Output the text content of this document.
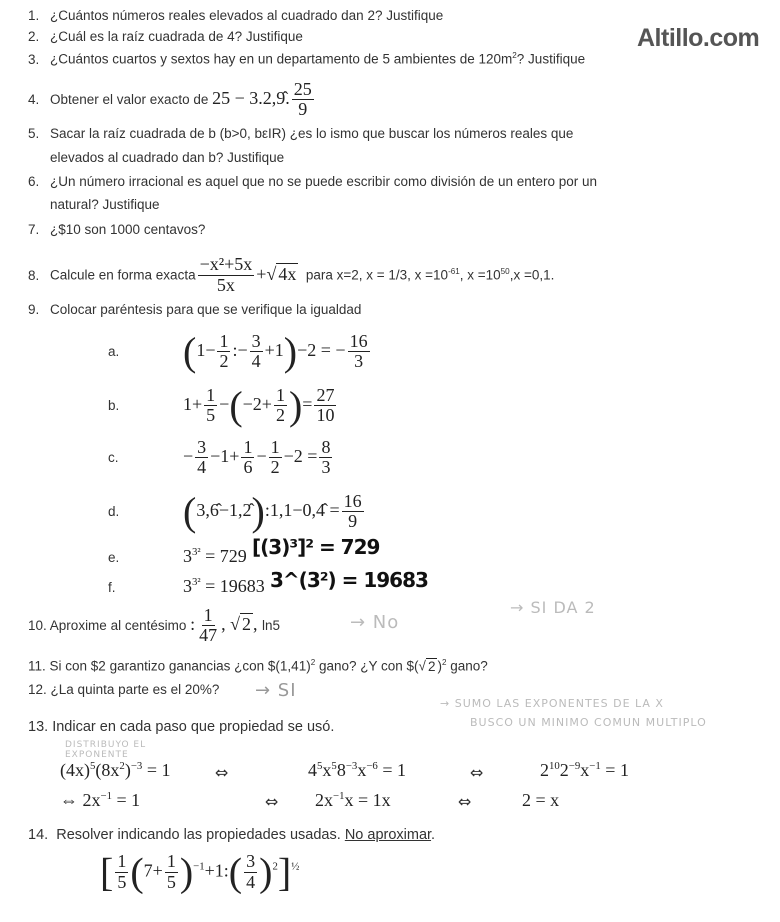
Altillo.com
1. ¿Cuántos números reales elevados al cuadrado dan 2? Justifique
2. ¿Cuál es la raíz cuadrada de 4? Justifique
3. ¿Cuántos cuartos y sextos hay en un departamento de 5 ambientes de $120m^2$? Justifique
4. Obtener el valor exacto de 25 − 3.2,9̂. $\frac{25}{9}$
5. Sacar la raíz cuadrada de b (b>0, bεIR) ¿es lo ismo que buscar los números reales que
elevados al cuadrado dan b? Justifique
6. ¿Un número irracional es aquel que no se puede escribir como división de un entero por un
natural? Justifique
7. ¿$10 son 1000 centavos?
8. Calcule en forma exacta $\frac{\text{−x²+5x}}{5x}$ +√ 4x para x=2, x = 1/3, $x =10^{-61}$, $x =10^{50},x =0,1$.
9. Colocar paréntesis para que se verifique la igualdad
a. ($1- \frac{1}{2}$ :− $\frac{3}{4} +1)-2$ = − $\frac{16}{3}$
b.	$1+ \frac{1}{5} -(-2+ \frac{1}{2}$ )= $\frac{27}{10}$
c.	− $\frac{3}{4} -1+ \frac{1}{6} - \frac{1}{2} -2 = \frac{8}{3}$
d. (3,6̂−1,2̂):1,1−0,4̂ = $\frac{16}{9}$
e.	$3^{3^2} = 729$
f.	$3^{3^2} = 19683$
10. Aproxime al centésimo : $\frac{1}{47}$ , √ 2 , ln5
11. Si con $2 garantizo ganancias ¿con $\$(1,41)^2$ gano? ¿Y con $(√ 2 )$^2$ gano?
12. ¿La quinta parte es el 20%?
13. Indicar en cada paso que propiedad se usó.
$(4x)^5(8x^2)^{-3} = 1$	⇔	$4^5x^58^{-3}x^{-6} = 1$	⇔	$2^{10}2^{-9}x^{-1} = 1$
⇔ $2x^{-1} = 1$	⇔ $2x^{-1}x = 1x$	⇔	2 = x
14. Resolver indicando las propiedades usadas. No aproximar.
[ $\frac{1}{5} (7+ \frac{1}{5}$ )$^{-1}+1:( \frac{3}{4} )^2]^{\frac{1}{2}}$
[(3)³]² = 729
3^(3²) = 19683
→ No
→ SI DA 2
→ SI
DISTRIBUYO EL EXPONENTE
→ SUMO LAS EXPONENTES DE LA X
BUSCO UN MINIMO COMUN MULTIPLO
